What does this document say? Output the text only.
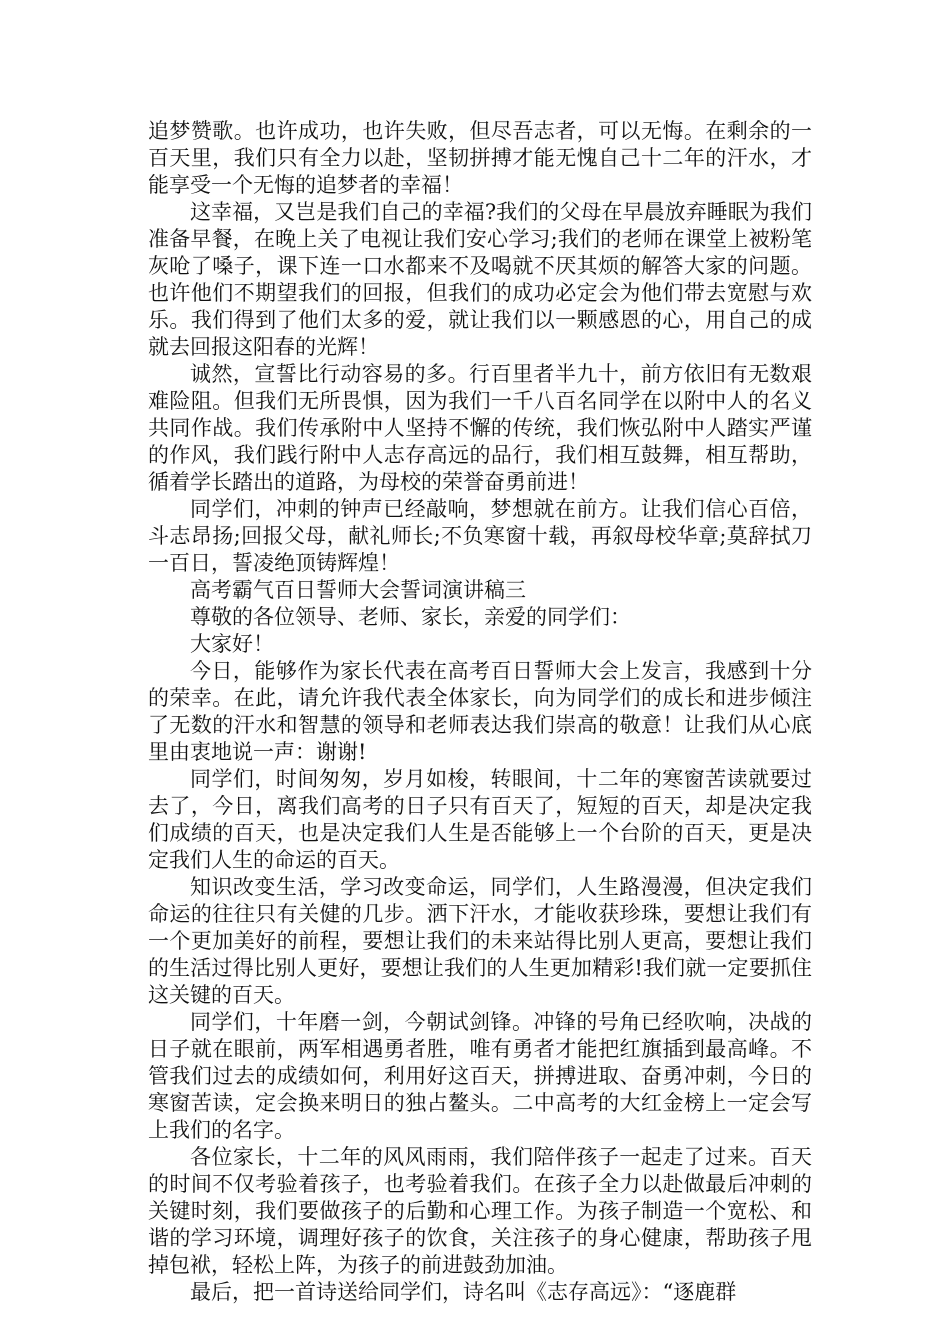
追梦赞歌。也许成功，也许失败，但尽吾志者，可以无悔。在剩余的一百天里，我们只有全力以赴，坚韧拼搏才能无愧自己十二年的汗水，才能享受一个无悔的追梦者的幸福！

这幸福，又岂是我们自己的幸福?我们的父母在早晨放弃睡眠为我们准备早餐，在晚上关了电视让我们安心学习;我们的老师在课堂上被粉笔灰呛了嗓子，课下连一口水都来不及喝就不厌其烦的解答大家的问题。也许他们不期望我们的回报，但我们的成功必定会为他们带去宽慰与欢乐。我们得到了他们太多的爱，就让我们以一颗感恩的心，用自己的成就去回报这阳春的光辉！

诚然，宣誓比行动容易的多。行百里者半九十，前方依旧有无数艰难险阻。但我们无所畏惧，因为我们一千八百名同学在以附中人的名义共同作战。我们传承附中人坚持不懈的传统，我们恢弘附中人踏实严谨的作风，我们践行附中人志存高远的品行，我们相互鼓舞，相互帮助，循着学长踏出的道路，为母校的荣誉奋勇前进！

同学们，冲刺的钟声已经敲响，梦想就在前方。让我们信心百倍，斗志昂扬;回报父母，献礼师长;不负寒窗十载，再叙母校华章;莫辞拭刀一百日，誓凌绝顶铸辉煌！

高考霸气百日誓师大会誓词演讲稿三

尊敬的各位领导、老师、家长，亲爱的同学们：

大家好！

今日，能够作为家长代表在高考百日誓师大会上发言，我感到十分的荣幸。在此，请允许我代表全体家长，向为同学们的成长和进步倾注了无数的汗水和智慧的领导和老师表达我们崇高的敬意！让我们从心底里由衷地说一声：谢谢!

同学们，时间匆匆，岁月如梭，转眼间，十二年的寒窗苦读就要过去了，今日，离我们高考的日子只有百天了，短短的百天，却是决定我们成绩的百天，也是决定我们人生是否能够上一个台阶的百天，更是决定我们人生的命运的百天。

知识改变生活，学习改变命运，同学们，人生路漫漫，但决定我们命运的往往只有关健的几步。洒下汗水，才能收获珍珠，要想让我们有一个更加美好的前程，要想让我们的未来站得比别人更高，要想让我们的生活过得比别人更好，要想让我们的人生更加精彩!我们就一定要抓住这关键的百天。

同学们，十年磨一剑，今朝试剑锋。冲锋的号角已经吹响，决战的日子就在眼前，两军相遇勇者胜，唯有勇者才能把红旗插到最高峰。不管我们过去的成绩如何，利用好这百天，拼搏进取、奋勇冲刺，今日的寒窗苦读，定会换来明日的独占鳌头。二中高考的大红金榜上一定会写上我们的名字。

各位家长，十二年的风风雨雨，我们陪伴孩子一起走了过来。百天的时间不仅考验着孩子，也考验着我们。在孩子全力以赴做最后冲刺的关键时刻，我们要做孩子的后勤和心理工作。为孩子制造一个宽松、和谐的学习环境，调理好孩子的饮食，关注孩子的身心健康，帮助孩子甩掉包袱，轻松上阵，为孩子的前进鼓劲加油。

最后，把一首诗送给同学们，诗名叫《志存高远》：“逐鹿群
